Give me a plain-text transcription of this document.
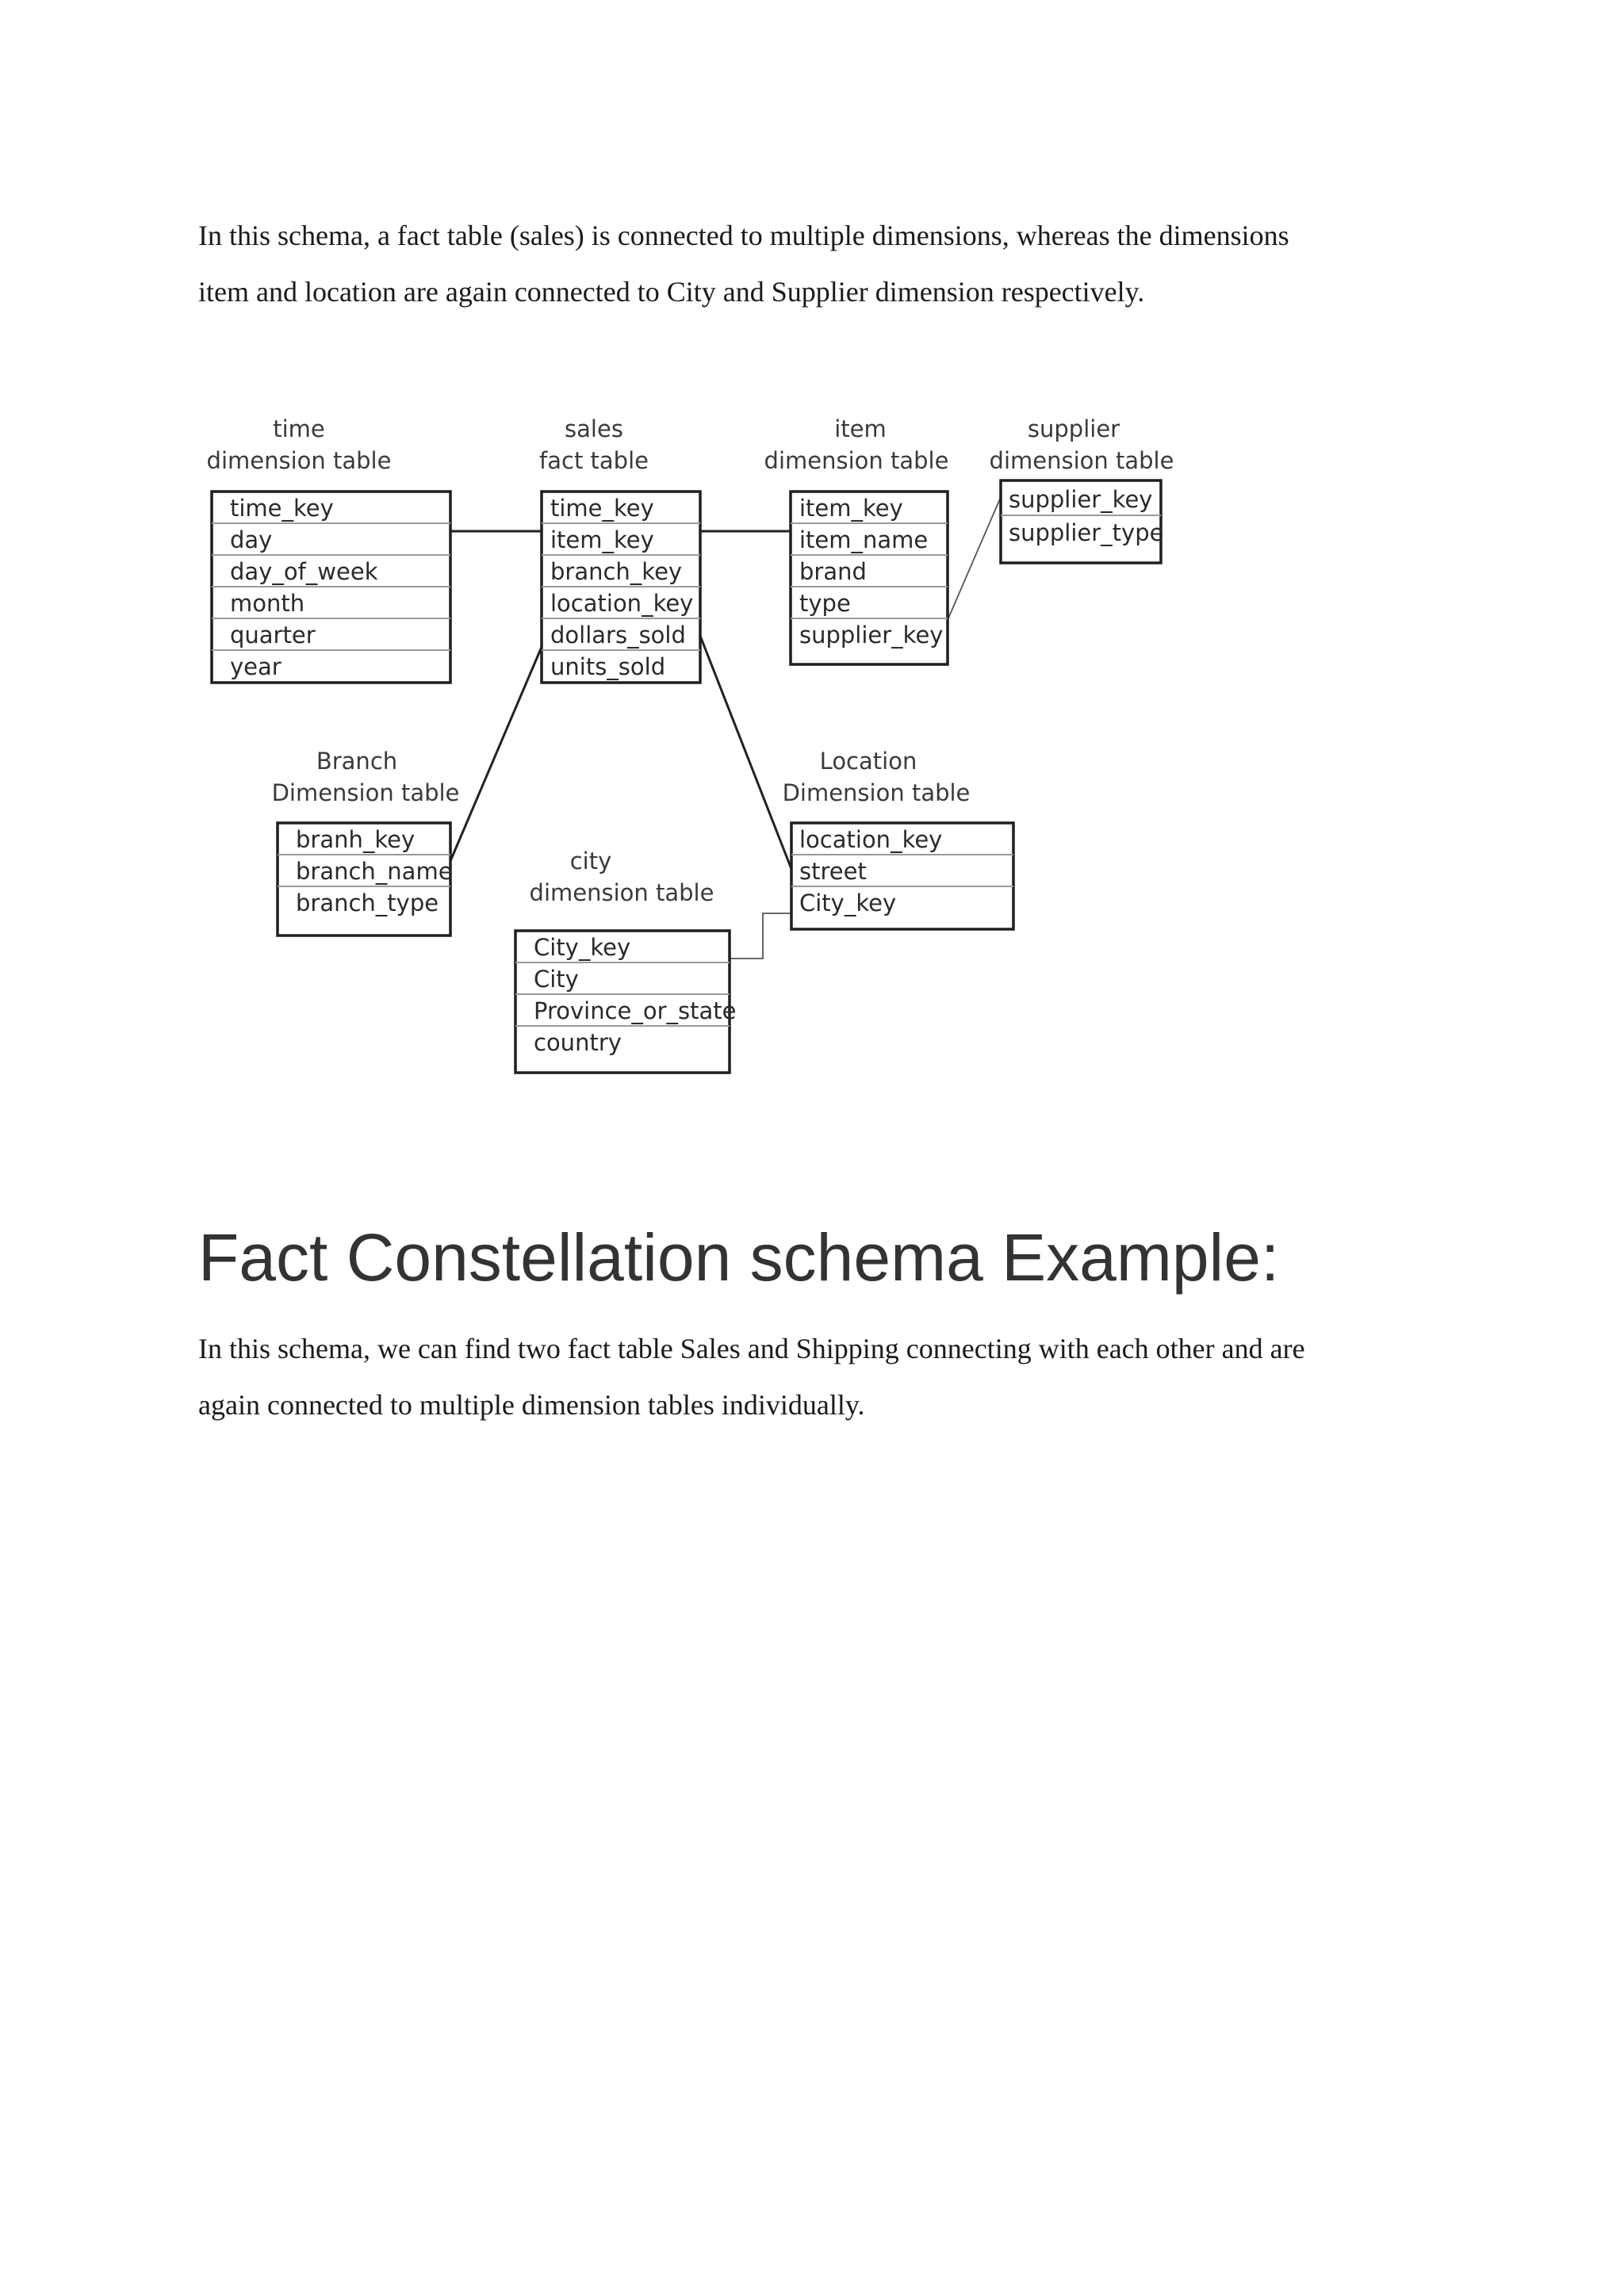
In this schema, a fact table (sales) is connected to multiple dimensions, whereas the dimensions
item and location are again connected to City and Supplier dimension respectively.

time
dimension table
time_key
day
day_of_week
month
quarter
year
sales
fact table
time_key
item_key
branch_key
location_key
dollars_sold
units_sold
item
dimension table
item_key
item_name
brand
type
supplier_key
supplier
dimension table
supplier_key
supplier_type
Branch
Dimension table
branh_key
branch_name
branch_type
Location
Dimension table
location_key
street
City_key
city
dimension table
City_key
City
Province_or_state
country
Fact Constellation schema Example:

In this schema, we can find two fact table Sales and Shipping connecting with each other and are
again connected to multiple dimension tables individually.
